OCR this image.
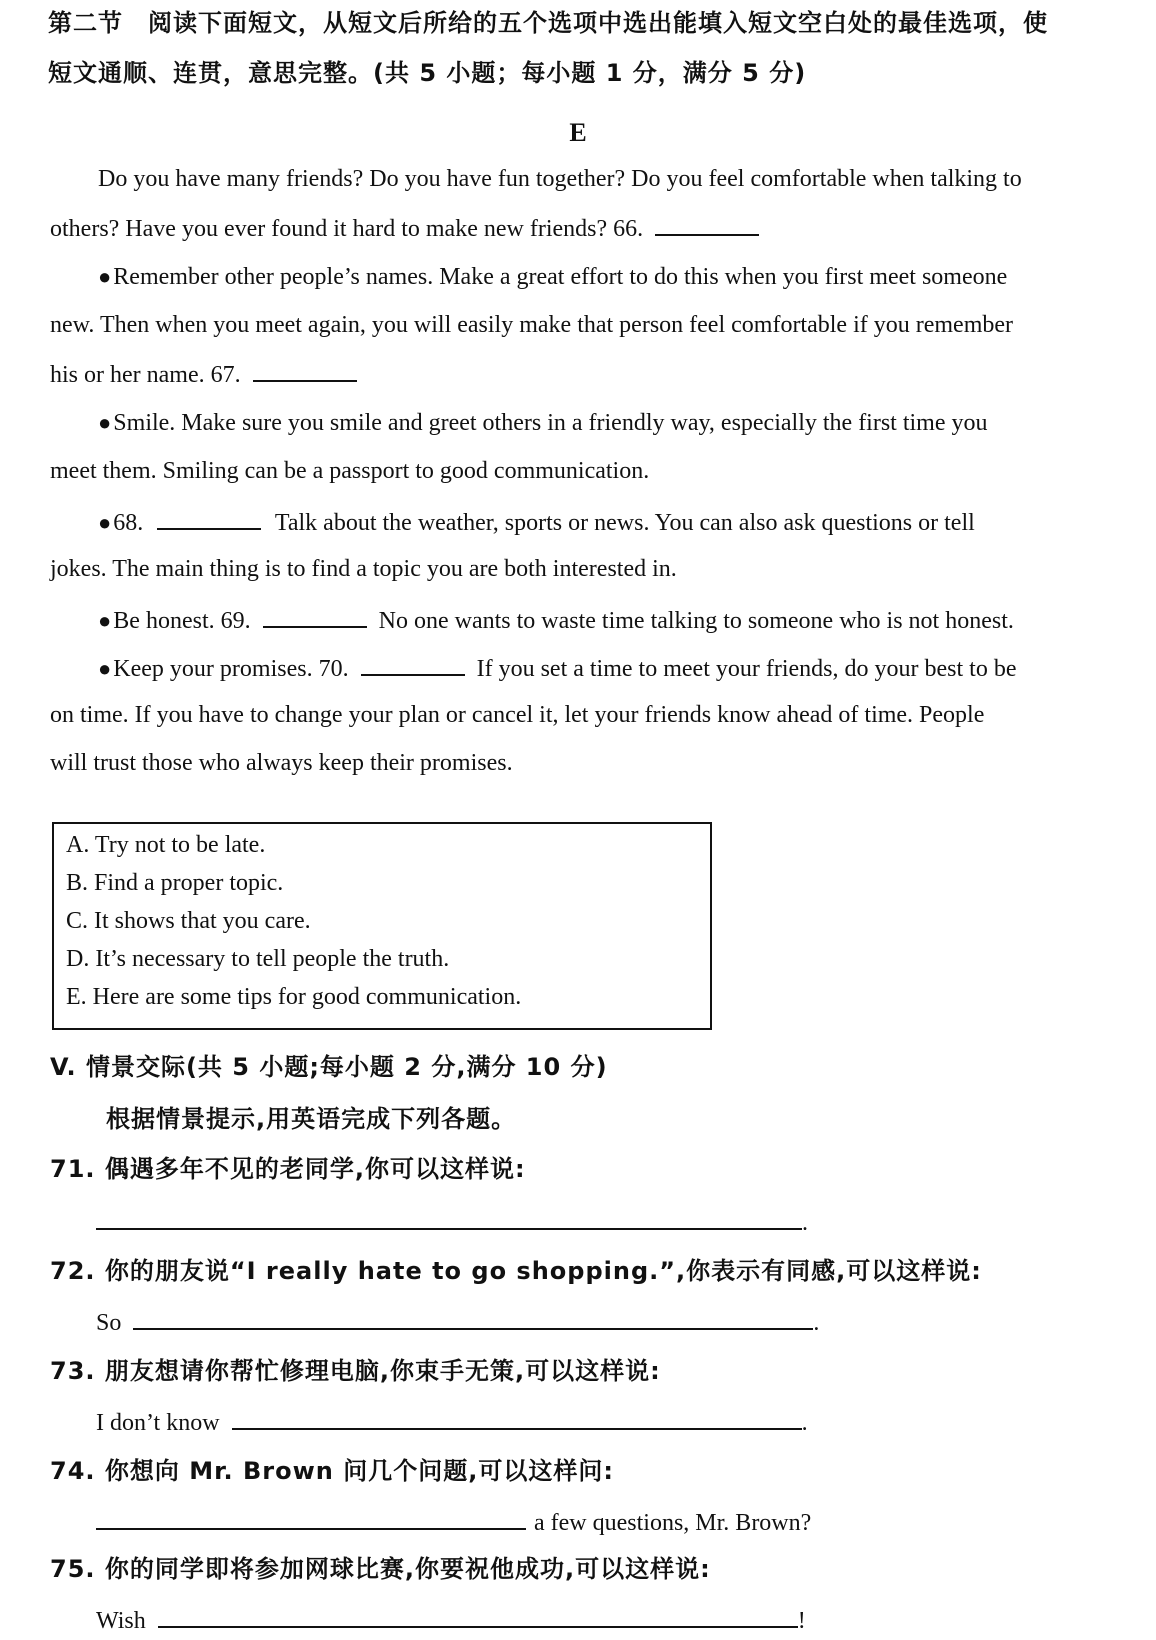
第二节　阅读下面短文，从短文后所给的五个选项中选出能填入短文空白处的最佳选项，使
短文通顺、连贯，意思完整。(共 5 小题；每小题 1 分，满分 5 分)
E
Do you have many friends? Do you have fun together? Do you feel comfortable when talking to
others? Have you ever found it hard to make new friends? 66.
●Remember other people’s names. Make a great effort to do this when you first meet someone
new. Then when you meet again, you will easily make that person feel comfortable if you remember
his or her name. 67.
●Smile. Make sure you smile and greet others in a friendly way, especially the first time you
meet them. Smiling can be a passport to good communication.
●68.	Talk about the weather, sports or news. You can also ask questions or tell
jokes. The main thing is to find a topic you are both interested in.
●Be honest. 69.	No one wants to waste time talking to someone who is not honest.
●Keep your promises. 70.	If you set a time to meet your friends, do your best to be
on time. If you have to change your plan or cancel it, let your friends know ahead of time. People
will trust those who always keep their promises.
A. Try not to be late.
B. Find a proper topic.
C. It shows that you care.
D. It’s necessary to tell people the truth.
E. Here are some tips for good communication.
V. 情景交际(共 5 小题;每小题 2 分,满分 10 分)
根据情景提示,用英语完成下列各题。
71. 偶遇多年不见的老同学,你可以这样说:
.
72. 你的朋友说“I really hate to go shopping.”,你表示有同感,可以这样说:
So	.
73. 朋友想请你帮忙修理电脑,你束手无策,可以这样说:
I don’t know	.
74. 你想向 Mr. Brown 问几个问题,可以这样问:
a few questions, Mr. Brown?
75. 你的同学即将参加网球比赛,你要祝他成功,可以这样说:
Wish	!
